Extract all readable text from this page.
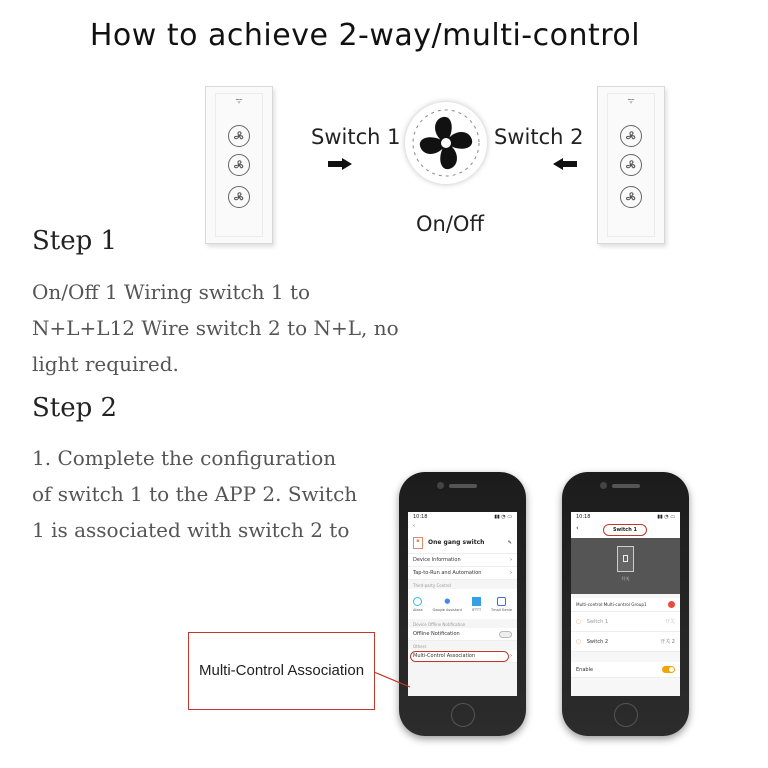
How to achieve 2-way/multi-control
ᯤ	ᯤ
Switch 1	Switch 2
On/Off
Step 1
On/Off 1 Wiring switch 1 to
N+L+L12 Wire switch 2 to N+L, no
light required.
Step 2
1. Complete the configuration
of switch 1 to the APP 2. Switch
1 is associated with switch 2 to
10:18	▮▮ ◔ ▭
‹
▪	One gang switch	✎
Device Information	›
Tap-to-Run and Automation	›
Third-party Control
Alexa
●
Google Assistant	IFTTT	Tmall Genie
Device Offline Notification
Offline Notification
Others
Multi-Control Association	›
Multi-Control Association
10:18	▮▮ ◔ ▭
‹	Switch 1
开关
Multi-control:Multi-control Group1
▢ Switch 1	开关
▢ Switch 2	开关 2
Enable
